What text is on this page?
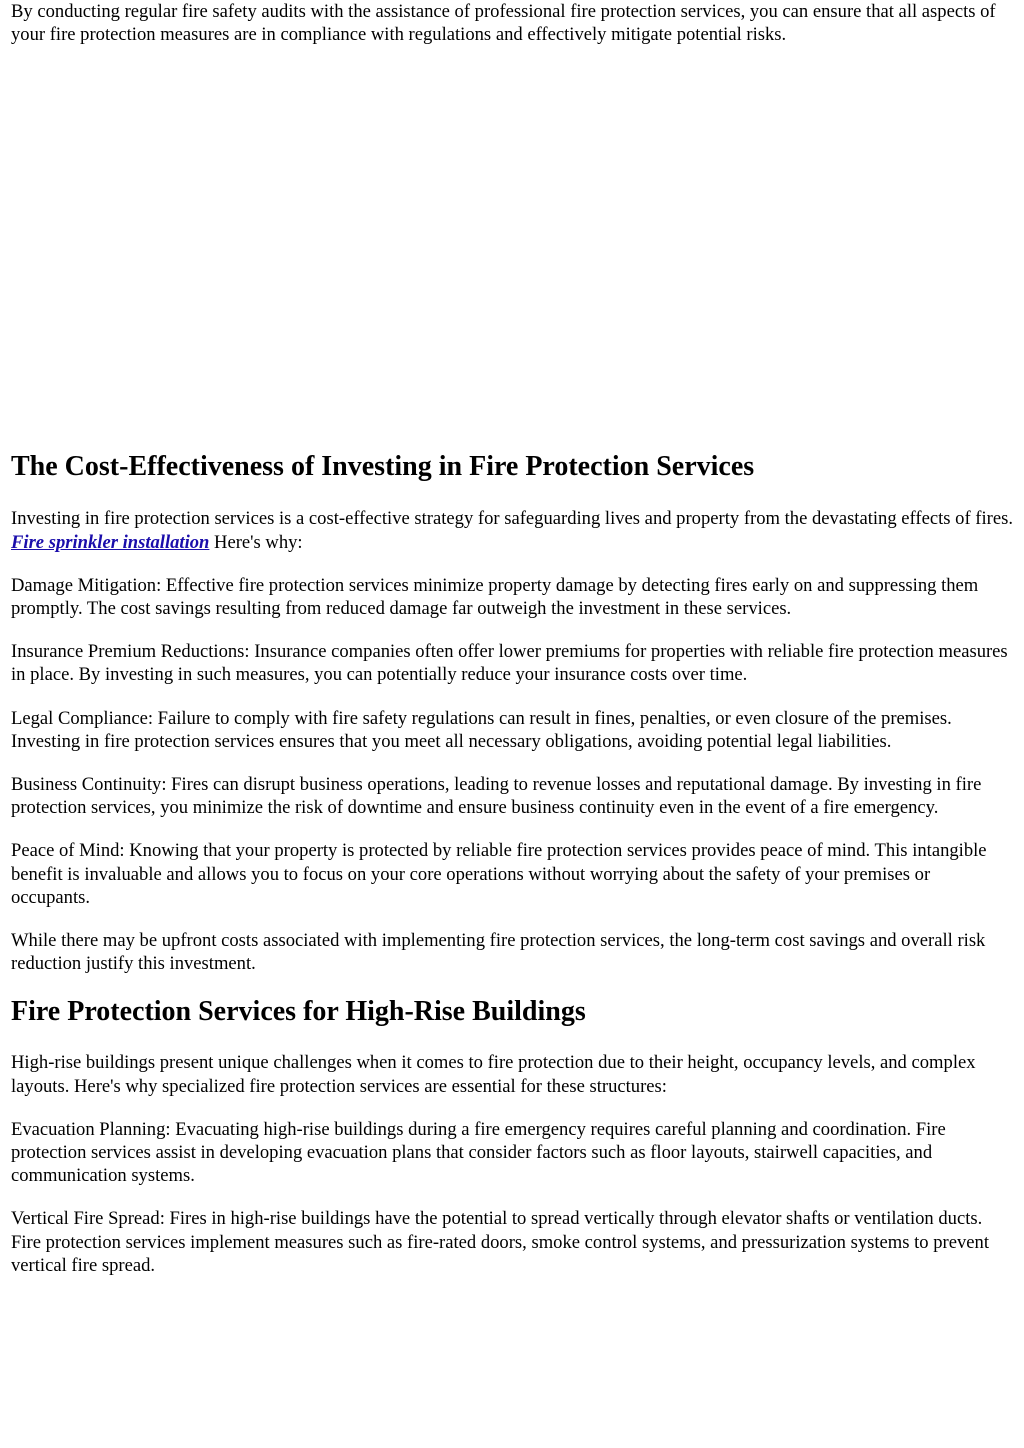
By conducting regular fire safety audits with the assistance of professional fire protection services, you can ensure that all aspects of your fire protection measures are in compliance with regulations and effectively mitigate potential risks.

The Cost-Effectiveness of Investing in Fire Protection Services

Investing in fire protection services is a cost-effective strategy for safeguarding lives and property from the devastating effects of fires. Fire sprinkler installation Here's why:

Damage Mitigation: Effective fire protection services minimize property damage by detecting fires early on and suppressing them promptly. The cost savings resulting from reduced damage far outweigh the investment in these services.

Insurance Premium Reductions: Insurance companies often offer lower premiums for properties with reliable fire protection measures in place. By investing in such measures, you can potentially reduce your insurance costs over time.

Legal Compliance: Failure to comply with fire safety regulations can result in fines, penalties, or even closure of the premises. Investing in fire protection services ensures that you meet all necessary obligations, avoiding potential legal liabilities.

Business Continuity: Fires can disrupt business operations, leading to revenue losses and reputational damage. By investing in fire protection services, you minimize the risk of downtime and ensure business continuity even in the event of a fire emergency.

Peace of Mind: Knowing that your property is protected by reliable fire protection services provides peace of mind. This intangible benefit is invaluable and allows you to focus on your core operations without worrying about the safety of your premises or occupants.

While there may be upfront costs associated with implementing fire protection services, the long-term cost savings and overall risk reduction justify this investment.

Fire Protection Services for High-Rise Buildings

High-rise buildings present unique challenges when it comes to fire protection due to their height, occupancy levels, and complex layouts. Here's why specialized fire protection services are essential for these structures:

Evacuation Planning: Evacuating high-rise buildings during a fire emergency requires careful planning and coordination. Fire protection services assist in developing evacuation plans that consider factors such as floor layouts, stairwell capacities, and communication systems.

Vertical Fire Spread: Fires in high-rise buildings have the potential to spread vertically through elevator shafts or ventilation ducts. Fire protection services implement measures such as fire-rated doors, smoke control systems, and pressurization systems to prevent vertical fire spread.
